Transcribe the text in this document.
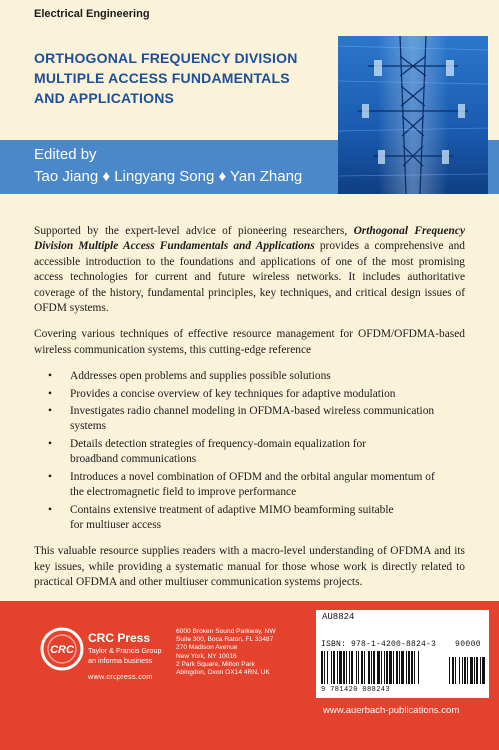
Electrical Engineering
ORTHOGONAL FREQUENCY DIVISION
MULTIPLE ACCESS FUNDAMENTALS
AND APPLICATIONS
Edited by
Tao Jiang ♦ Lingyang Song ♦ Yan Zhang

Supported by the expert-level advice of pioneering researchers, Orthogonal Frequency Division Multiple Access Fundamentals and Applications provides a comprehensive and accessible introduction to the foundations and applications of one of the most promising access technologies for current and future wireless networks. It includes authoritative coverage of the history, fundamental principles, key techniques, and critical design issues of OFDM systems.

Covering various techniques of effective resource management for OFDM/OFDMA-based wireless communication systems, this cutting-edge reference

• Addresses open problems and supplies possible solutions
• Provides a concise overview of key techniques for adaptive modulation
• Investigates radio channel modeling in OFDMA-based wireless communication systems
• Details detection strategies of frequency-domain equalization for broadband communications
• Introduces a novel combination of OFDM and the orbital angular momentum of the electromagnetic field to improve performance
• Contains extensive treatment of adaptive MIMO beamforming suitable for multiuser access

This valuable resource supplies readers with a macro-level understanding of OFDMA and its key issues, while providing a systematic manual for those whose work is directly related to practical OFDMA and other multiuser communication systems projects.

CRC
CRC Press
Taylor & Francis Group
an informa business
www.crcpress.com
6000 Broken Sound Parkway, NW
Suite 300, Boca Raton, FL 33487
270 Madison Avenue
New York, NY 10016
2 Park Square, Milton Park
Abingdon, Oxon OX14 4RN, UK
AU8824
ISBN: 978-1-4200-8824-3
9 781420 088243
90000
www.auerbach-publications.com
